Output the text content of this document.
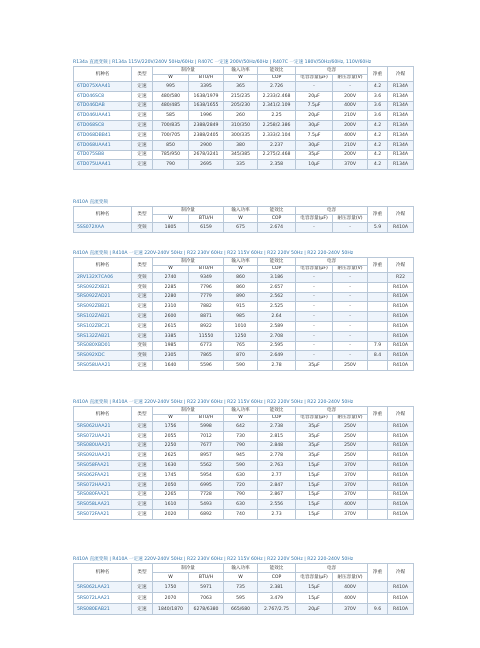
R134a 直流变频 | R134a 115V/220V/240V 50Hz/60Hz | R407C 一定速 200V/50Hz/60Hz | R407C 一定速 180V/50Hz/60Hz, 110V/60Hz
机种名	类型	制冷量		输入功率	能效比	电容		净重	冷媒
		W	BTU/H	W	COP	电容容量(μF)	耐压容量(V)		
6TD075XAA41	定速	995	3395	365	2.726	-	-	4.2	R134A
6TD046SC8	定速	480/580	1638/1979	215/235	2.233/2.468	20μF	200V	3.6	R134A
6TD046DAB	定速	480/485	1638/1655	205/230	2.341/2.109	7.5μF	400V	3.6	R134A
6TD046UAA41	定速	585	1996	260	2.25	20μF	210V	3.6	R134A
6TD068SC8	定速	700/835	2388/2849	310/350	2.258/2.386	30μF	200V	4.2	R134A
6TD068DBB41	定速	700/705	2388/2405	300/335	2.333/2.104	7.5μF	400V	4.2	R134A
6TD068UAA41	定速	850	2900	380	2.237	30μF	210V	4.2	R134A
6TD075SB8	定速	785/950	2678/3241	345/385	2.275/2.468	35μF	200V	4.2	R134A
6TD075UAA41	定速	790	2695	335	2.358	10μF	370V	4.2	R134A
R410A 直流变频
机种名	类型	制冷量		输入功率	能效比	电容		净重	冷媒
		W	BTU/H	W	COP	电容容量(μF)	耐压容量(V)		
5SS072XAA	变频	1805	6159	675	2.674	-	-	5.9	R410A
R410A 直流变频 | R410A 一定速 220V-240V 50Hz | R22 230V 60Hz | R22 115V 60Hz | R22 220V 50Hz | R22 220-240V 50Hz
机种名	类型	制冷量		输入功率	能效比	电容		净重	冷媒
		W	BTU/H	W	COP	电容容量(μF)	耐压容量(V)		
2RV132X7CA06	变频	2740	9349	860	3.186	-	-		R22
5RS092ZXB21	变频	2285	7796	860	2.657	-	-		R410A
5RS092ZAD21	定速	2280	7779	890	2.562	-	-		R410A
5RS092ZBB21	定速	2310	7882	915	2.525	-	-		R410A
5RS102ZAB21	定速	2600	8871	985	2.64	-	-		R410A
5RS102ZBC21	定速	2615	8922	1010	2.589	-	-		R410A
5RS132ZAB21	定速	3385	11550	1250	2.708	-	-		R410A
5RS080XBD01	变频	1985	6773	765	2.595	-	-	7.9	R410A
5RS092XDC	变频	2305	7865	870	2.649	-	-	8.4	R410A
5RS058UAA21	定速	1640	5596	590	2.78	35μF	250V		R410A
R410A 直流变频 | R410A 一定速 220V-240V 50Hz | R22 230V 60Hz | R22 115V 60Hz | R22 220V 50Hz | R22 220-240V 50Hz
机种名	类型	制冷量		输入功率	能效比	电容		净重	冷媒
		W	BTU/H	W	COP	电容容量(μF)	耐压容量(V)		
5RS062UAA21	定速	1756	5998	642	2.738	35μF	250V		R410A
5RS072UAA21	定速	2055	7012	730	2.815	35μF	250V		R410A
5RS080UAA21	定速	2250	7677	790	2.848	35μF	250V		R410A
5RS092UAA21	定速	2625	8957	945	2.778	35μF	250V		R410A
5RS058FAA21	定速	1630	5562	590	2.763	15μF	370V		R410A
5RS062FAA21	定速	1745	5954	630	2.77	15μF	370V		R410A
5RS072HAA21	定速	2050	6995	720	2.847	15μF	370V		R410A
5RS080FAA21	定速	2265	7728	790	2.867	15μF	370V		R410A
5RS058LAA21	定速	1610	5493	630	2.556	15μF	400V		R410A
5RS072FAA21	定速	2020	6892	740	2.73	15μF	370V		R410A
R410A 直流变频 | R410A 一定速 220V-240V 50Hz | R22 230V 60Hz | R22 115V 60Hz | R22 220V 50Hz | R22 220-240V 50Hz
机种名	类型	制冷量		输入功率	能效比	电容		净重	冷媒
		W	BTU/H	W	COP	电容容量(μF)	耐压容量(V)		
5RS062LAA21	定速	1750	5971	735	2.381	15μF	400V		R410A
5RS072LAA21	定速	2070	7063	595	3.479	15μF	400V		R410A
5RS080EAB21	定速	1840/1870	6278/6380	665/680	2.767/2.75	20μF	370V	9.6	R410A
